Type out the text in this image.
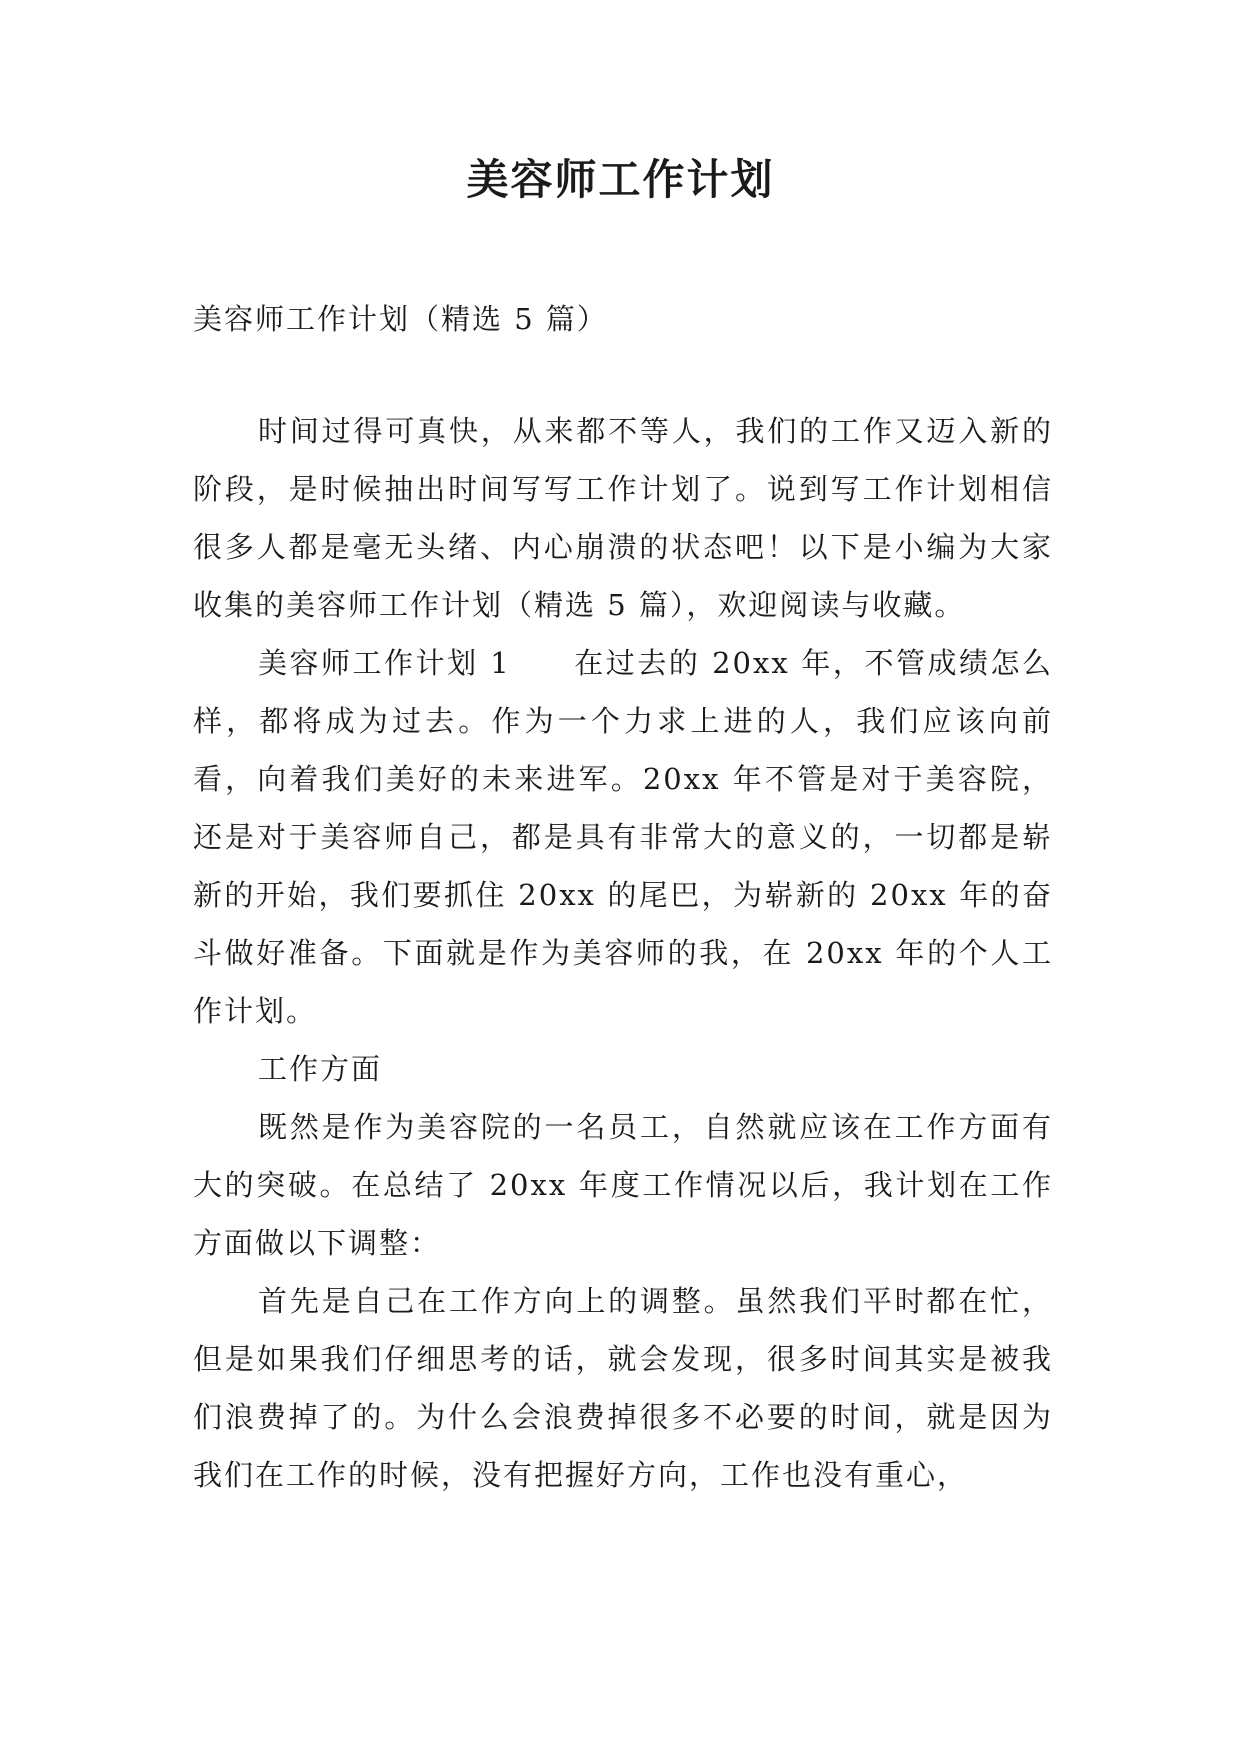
美容师工作计划

美容师工作计划（精选 5 篇）

时间过得可真快，从来都不等人，我们的工作又迈入新的阶段，是时候抽出时间写写工作计划了。说到写工作计划相信很多人都是毫无头绪、内心崩溃的状态吧！以下是小编为大家收集的美容师工作计划（精选 5 篇），欢迎阅读与收藏。

美容师工作计划 1　　在过去的 20xx 年，不管成绩怎么样，都将成为过去。作为一个力求上进的人，我们应该向前看，向着我们美好的未来进军。20xx 年不管是对于美容院，还是对于美容师自己，都是具有非常大的意义的，一切都是崭新的开始，我们要抓住 20xx 的尾巴，为崭新的 20xx 年的奋斗做好准备。下面就是作为美容师的我，在 20xx 年的个人工作计划。

工作方面

既然是作为美容院的一名员工，自然就应该在工作方面有大的突破。在总结了 20xx 年度工作情况以后，我计划在工作方面做以下调整：

首先是自己在工作方向上的调整。虽然我们平时都在忙，但是如果我们仔细思考的话，就会发现，很多时间其实是被我们浪费掉了的。为什么会浪费掉很多不必要的时间，就是因为我们在工作的时候，没有把握好方向，工作也没有重心，
